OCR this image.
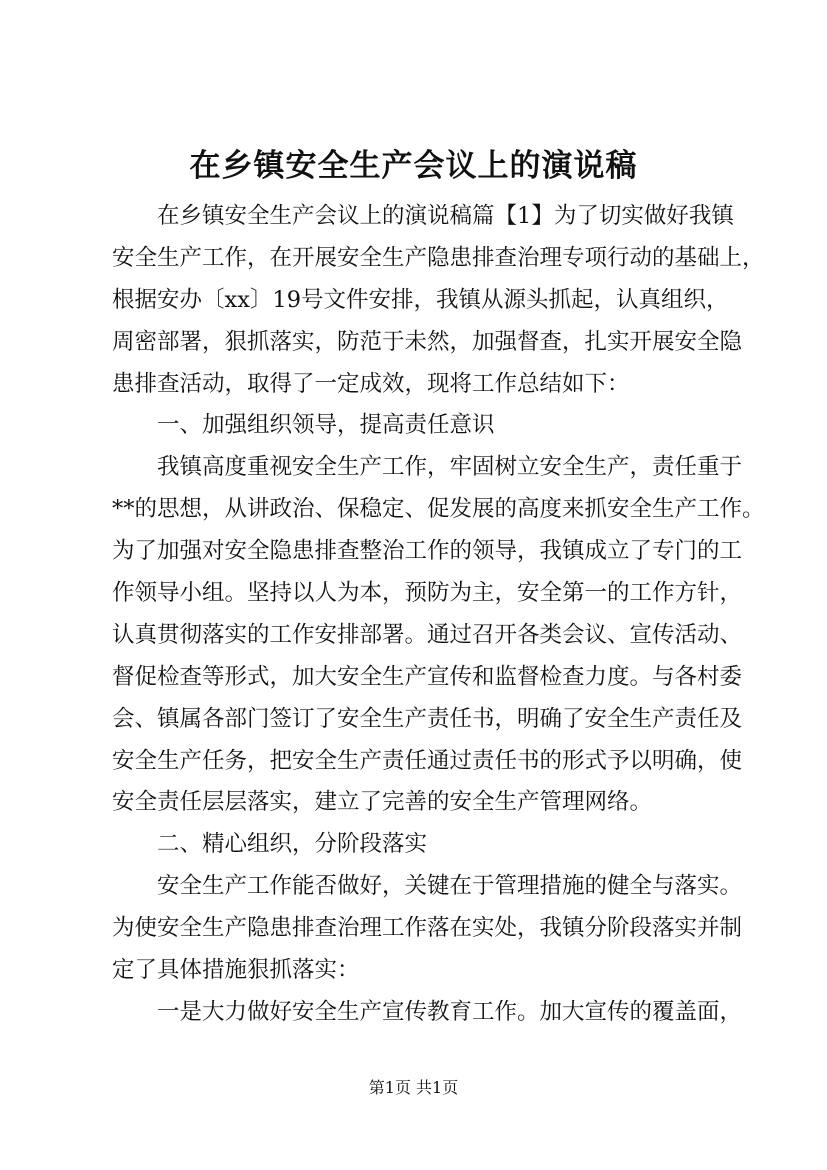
在乡镇安全生产会议上的演说稿
在乡镇安全生产会议上的演说稿篇【1】为了切实做好我镇
安全生产工作，在开展安全生产隐患排查治理专项行动的基础上，
根据安办〔xx〕19号文件安排，我镇从源头抓起，认真组织，
周密部署，狠抓落实，防范于未然，加强督查，扎实开展安全隐
患排查活动，取得了一定成效，现将工作总结如下：
一、加强组织领导，提高责任意识
我镇高度重视安全生产工作，牢固树立安全生产，责任重于
**的思想，从讲政治、保稳定、促发展的高度来抓安全生产工作。
为了加强对安全隐患排查整治工作的领导，我镇成立了专门的工
作领导小组。坚持以人为本，预防为主，安全第一的工作方针，
认真贯彻落实的工作安排部署。通过召开各类会议、宣传活动、
督促检查等形式，加大安全生产宣传和监督检查力度。与各村委
会、镇属各部门签订了安全生产责任书，明确了安全生产责任及
安全生产任务，把安全生产责任通过责任书的形式予以明确，使
安全责任层层落实，建立了完善的安全生产管理网络。
二、精心组织，分阶段落实
安全生产工作能否做好，关键在于管理措施的健全与落实。
为使安全生产隐患排查治理工作落在实处，我镇分阶段落实并制
定了具体措施狠抓落实：
一是大力做好安全生产宣传教育工作。加大宣传的覆盖面，
第1页 共1页
